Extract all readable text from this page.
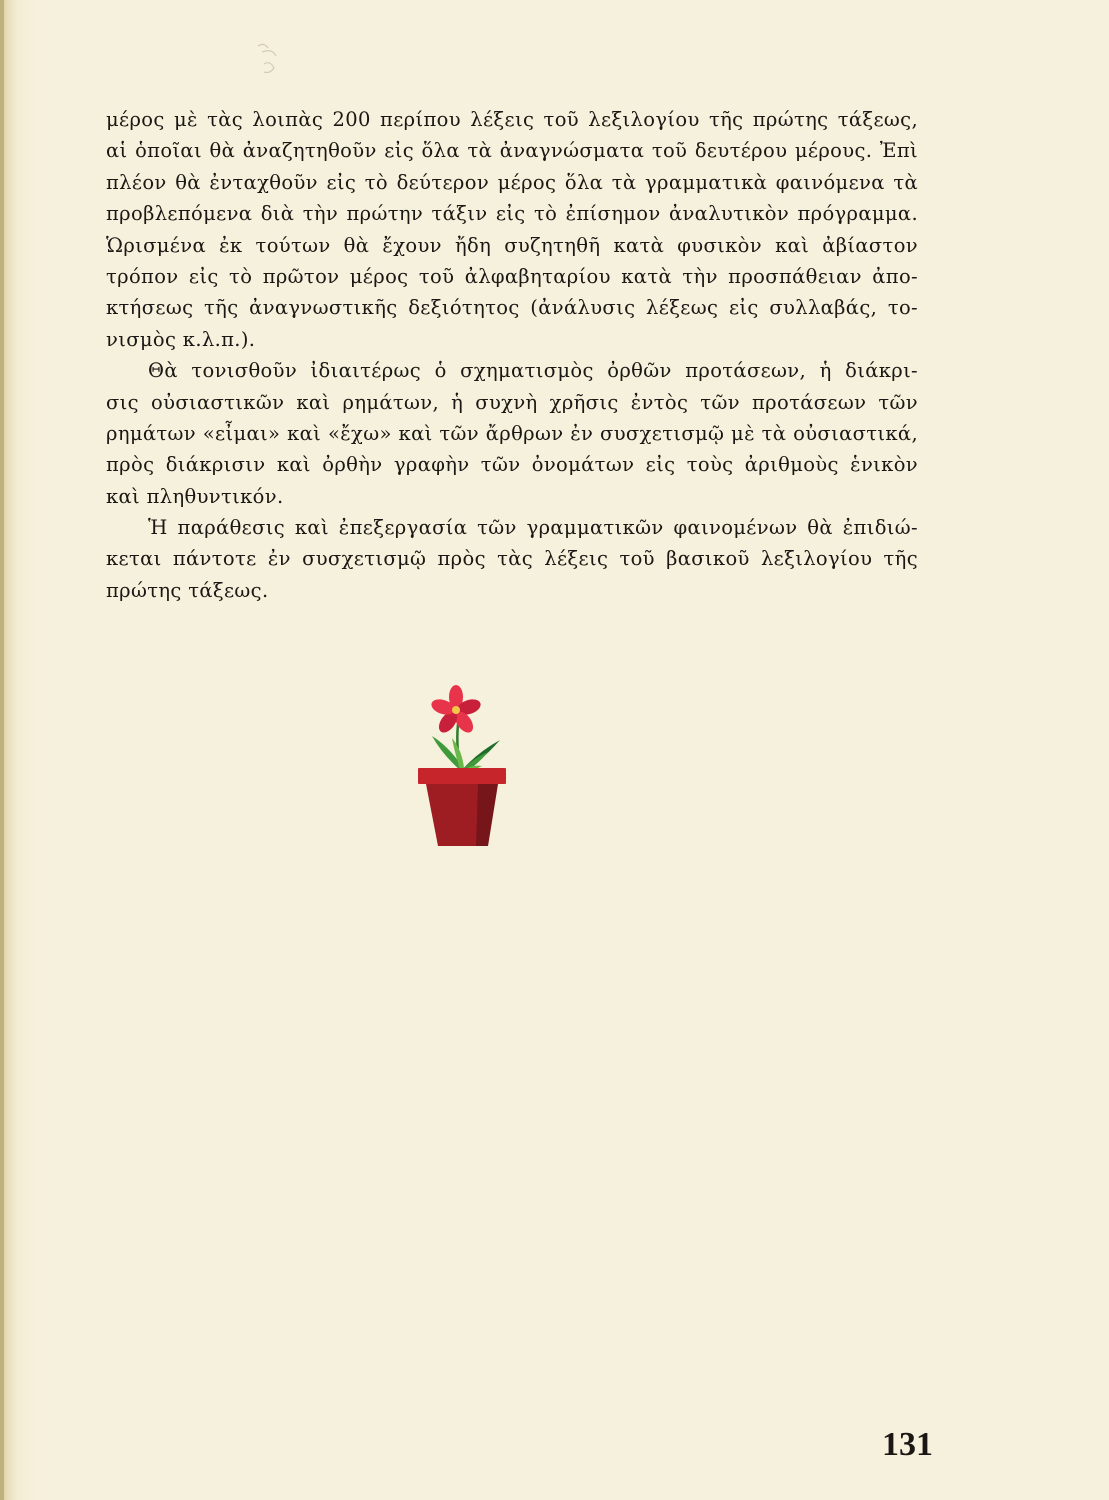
μέρος μὲ τὰς λοιπὰς 200 περίπου λέξεις τοῦ λεξιλογίου τῆς πρώτης τάξεως,
αἱ ὁποῖαι θὰ ἀναζητηθοῦν εἰς ὅλα τὰ ἀναγνώσματα τοῦ δευτέρου μέρους. Ἐπὶ
πλέον θὰ ἐνταχθοῦν εἰς τὸ δεύτερον μέρος ὅλα τὰ γραμματικὰ φαινόμενα τὰ
προβλεπόμενα διὰ τὴν πρώτην τάξιν εἰς τὸ ἐπίσημον ἀναλυτικὸν πρόγραμμα.
Ὡρισμένα ἐκ τούτων θὰ ἔχουν ἤδη συζητηθῆ κατὰ φυσικὸν καὶ ἀβίαστον
τρόπον εἰς τὸ πρῶτον μέρος τοῦ ἀλφαβηταρίου κατὰ τὴν προσπάθειαν ἀπο-
κτήσεως τῆς ἀναγνωστικῆς δεξιότητος (ἀνάλυσις λέξεως εἰς συλλαβάς, το-
νισμὸς κ.λ.π.).
Θὰ τονισθοῦν ἰδιαιτέρως ὁ σχηματισμὸς ὀρθῶν προτάσεων, ἡ διάκρι-
σις οὐσιαστικῶν καὶ ρημάτων, ἡ συχνὴ χρῆσις ἐντὸς τῶν προτάσεων τῶν
ρημάτων «εἶμαι» καὶ «ἔχω» καὶ τῶν ἄρθρων ἐν συσχετισμῷ μὲ τὰ οὐσιαστικά,
πρὸς διάκρισιν καὶ ὀρθὴν γραφὴν τῶν ὀνομάτων εἰς τοὺς ἀριθμοὺς ἑνικὸν
καὶ πληθυντικόν.
Ἡ παράθεσις καὶ ἐπεξεργασία τῶν γραμματικῶν φαινομένων θὰ ἐπιδιώ-
κεται πάντοτε ἐν συσχετισμῷ πρὸς τὰς λέξεις τοῦ βασικοῦ λεξιλογίου τῆς
πρώτης τάξεως.
131
